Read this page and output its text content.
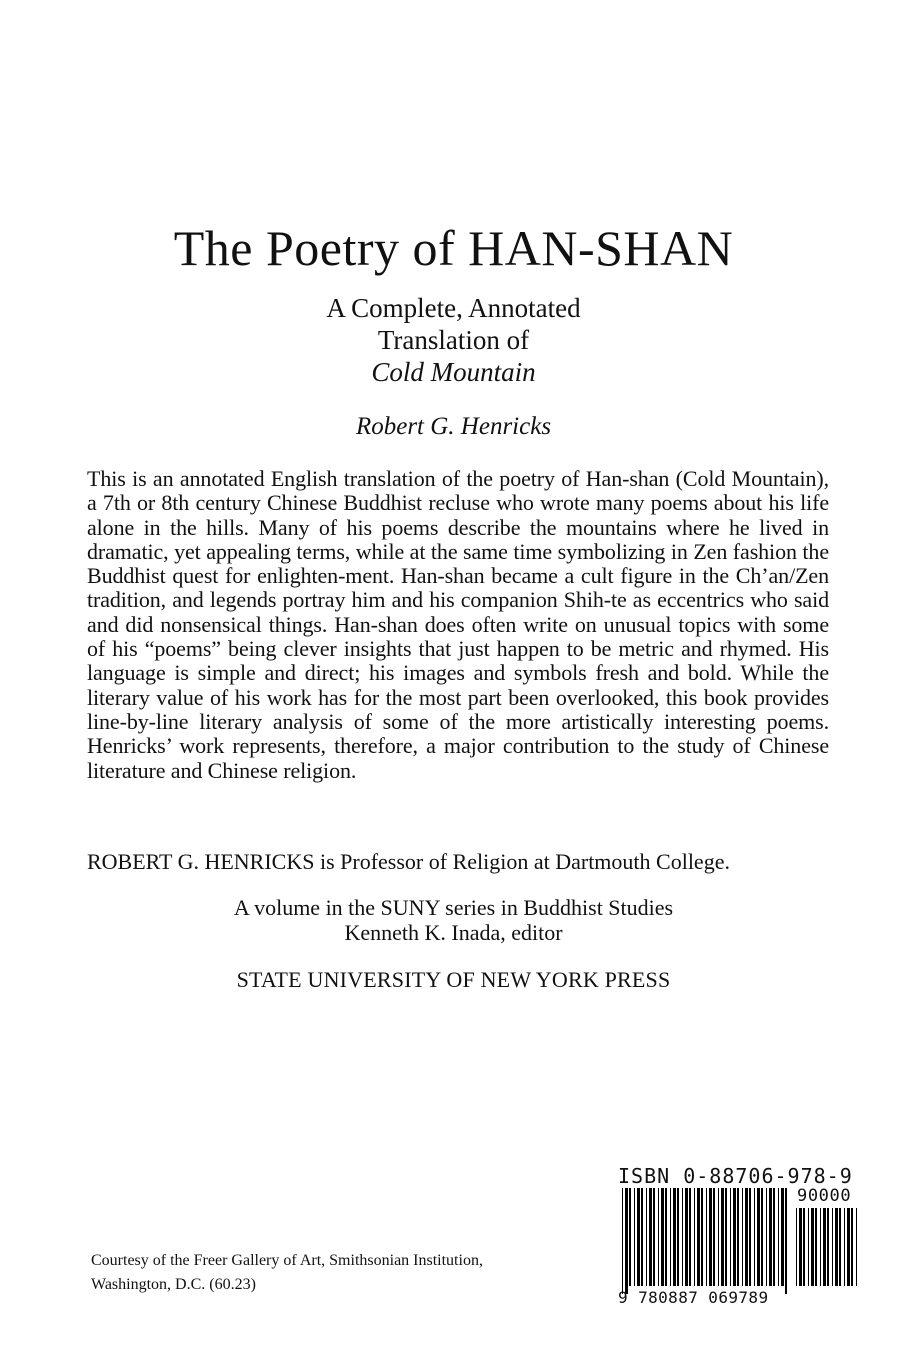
The Poetry of HAN-SHAN
A Complete, Annotated
Translation of
Cold Mountain
Robert G. Henricks

This is an annotated English translation of the poetry of Han-shan (Cold Mountain), a 7th or 8th century Chinese Buddhist recluse who wrote many poems about his life alone in the hills. Many of his poems describe the mountains where he lived in dramatic, yet appealing terms, while at the same time symbolizing in Zen fashion the Buddhist quest for enlighten-ment. Han-shan became a cult figure in the Ch’an/Zen tradition, and legends portray him and his companion Shih-te as eccentrics who said and did nonsensical things. Han-shan does often write on unusual topics with some of his “poems” being clever insights that just happen to be metric and rhymed. His language is simple and direct; his images and symbols fresh and bold. While the literary value of his work has for the most part been overlooked, this book provides line-by-line literary analysis of some of the more artistically interesting poems. Henricks’ work represents, therefore, a major contribution to the study of Chinese literature and Chinese religion.

ROBERT G. HENRICKS is Professor of Religion at Dartmouth College.

A volume in the SUNY series in Buddhist Studies
Kenneth K. Inada, editor
STATE UNIVERSITY OF NEW YORK PRESS
Courtesy of the Freer Gallery of Art, Smithsonian Institution,
Washington, D.C. (60.23)
ISBN 0-88706-978-9
90000
9 780887 069789
